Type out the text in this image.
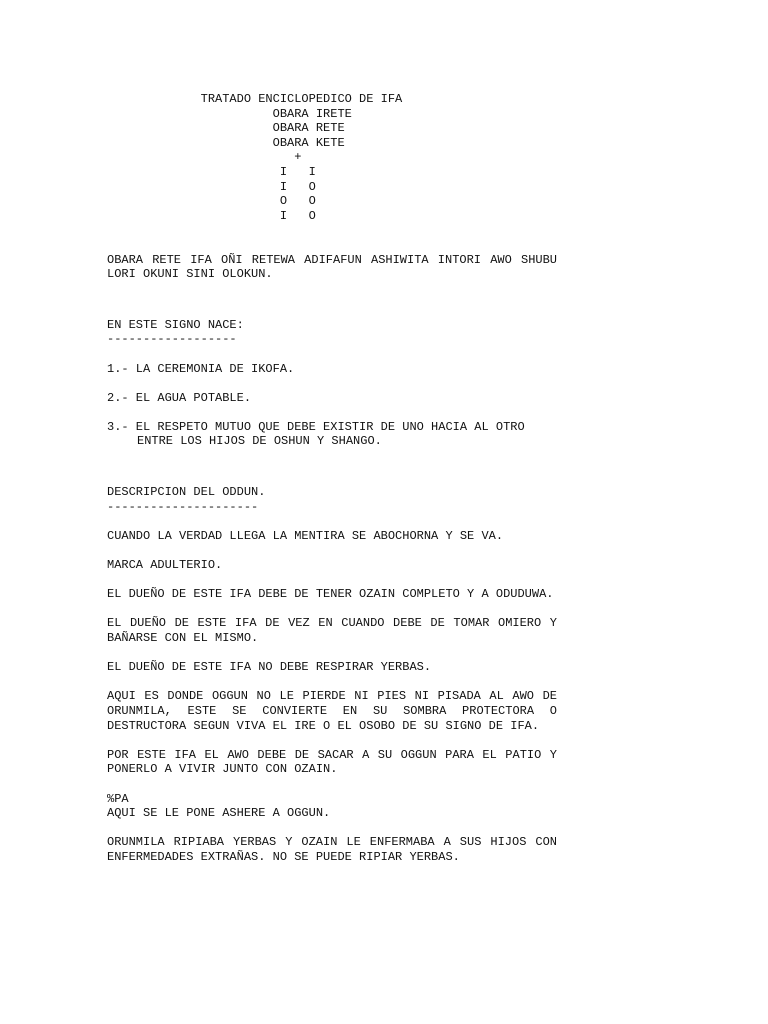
TRATADO ENCICLOPEDICO DE IFA
OBARA IRETE
OBARA RETE
OBARA KETE
+
I   I
I   O
O   O
I   O

OBARA RETE IFA OÑI RETEWA ADIFAFUN ASHIWITA INTORI AWO SHUBU LORI OKUNI SINI OLOKUN.

EN ESTE SIGNO NACE:
------------------

1.- LA CEREMONIA DE IKOFA.

2.- EL AGUA POTABLE.

3.- EL RESPETO MUTUO QUE DEBE EXISTIR DE UNO HACIA AL OTRO ENTRE LOS HIJOS DE OSHUN Y SHANGO.

DESCRIPCION DEL ODDUN.
---------------------

CUANDO LA VERDAD LLEGA LA MENTIRA SE ABOCHORNA Y SE VA.

MARCA ADULTERIO.

EL DUEÑO DE ESTE IFA DEBE DE TENER OZAIN COMPLETO Y A ODUDUWA.

EL DUEÑO DE ESTE IFA DE VEZ EN CUANDO DEBE DE TOMAR OMIERO Y BAÑARSE CON EL MISMO.

EL DUEÑO DE ESTE IFA NO DEBE RESPIRAR YERBAS.

AQUI ES DONDE OGGUN NO LE PIERDE NI PIES NI PISADA AL AWO DE ORUNMILA, ESTE SE CONVIERTE EN SU SOMBRA PROTECTORA O DESTRUCTORA SEGUN VIVA EL IRE O EL OSOBO DE SU SIGNO DE IFA.

POR ESTE IFA EL AWO DEBE DE SACAR A SU OGGUN PARA EL PATIO Y PONERLO A VIVIR JUNTO CON OZAIN.

%PA
AQUI SE LE PONE ASHERE A OGGUN.

ORUNMILA RIPIABA YERBAS Y OZAIN LE ENFERMABA A SUS HIJOS CON ENFERMEDADES EXTRAÑAS. NO SE PUEDE RIPIAR YERBAS.
